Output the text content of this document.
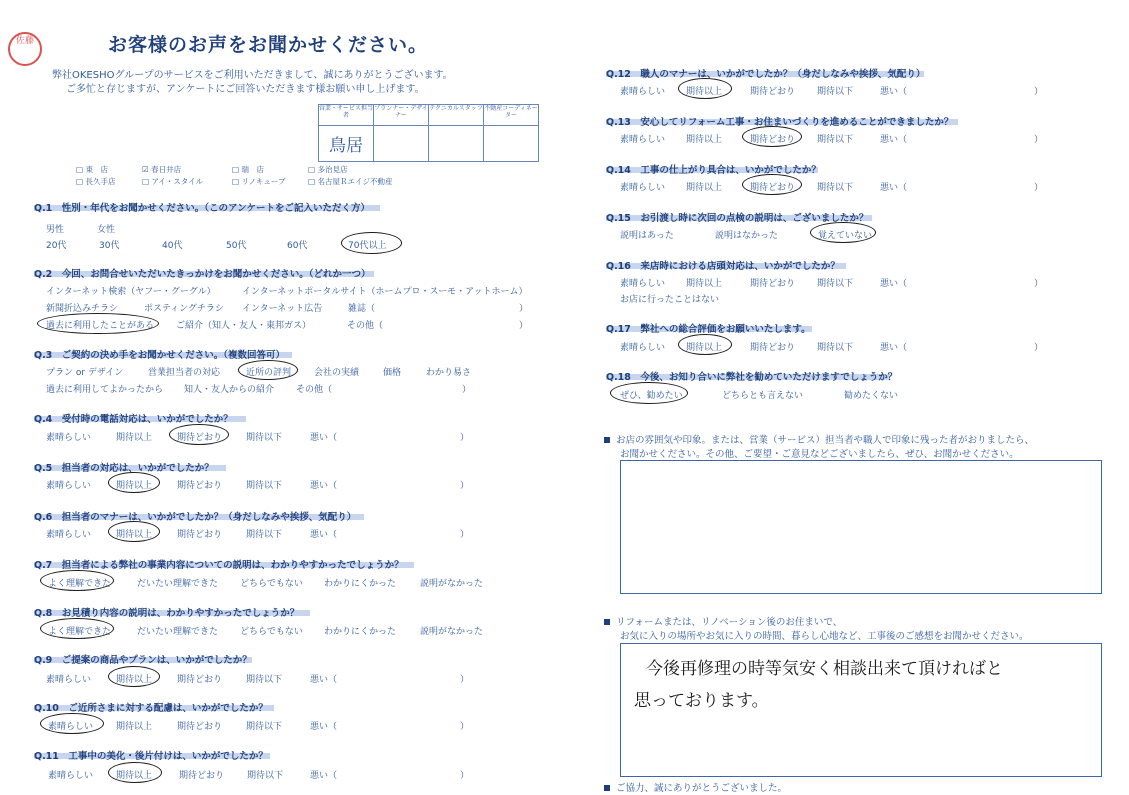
佐藤	お客様のお声をお聞かせください。
弊社OKESHOグループのサービスをご利用いただきまして、誠にありがとうございます。
ご多忙と存じますが、アンケートにご回答いただきます様お願い申し上げます。
営業・サービス担当者	プランナー・デザイナー	テクニカルスタッフ	不動産コーディネーター
鳥居			
□ 東　店	☑ 春日井店	□ 瑞　店	□ 多治見店
□ 長久手店	□ アイ・スタイル	□ リノキューブ	□ 名古屋Ｒエイジ不動産
Q.1　性別・年代をお聞かせください。（このアンケートをご記入いただく方）
男性	女性
20代	30代	40代	50代	60代	70代以上
Q.2　今回、お問合せいただいたきっかけをお聞かせください。（どれか一つ）
インターネット検索（ヤフー・グーグル）	インターネットポータルサイト（ホームプロ・スーモ・アットホーム）
新聞折込みチラシ	ポスティングチラシ インターネット広告	雑誌（	）
過去に利用したことがある ご紹介（知人・友人・東邦ガス）	その他（	）
Q.3　ご契約の決め手をお聞かせください。（複数回答可）
プラン or デザイン	営業担当者の対応	近所の評判	会社の実績	価格	わかり易さ
過去に利用してよかったから 知人・友人からの紹介 その他（	）
Q.4　受付時の電話対応は、いかがでしたか？
素晴らしい	期待以上	期待どおり	期待以下	悪い（	）
Q.5　担当者の対応は、いかがでしたか？
素晴らしい	期待以上	期待どおり	期待以下	悪い（	）
Q.6　担当者のマナーは、いかがでしたか？（身だしなみや挨拶、気配り）
素晴らしい	期待以上	期待どおり	期待以下	悪い（	）
Q.7　担当者による弊社の事業内容についての説明は、わかりやすかったでしょうか？
よく理解できた	だいたい理解できた どちらでもない わかりにくかった	説明がなかった
Q.8　お見積り内容の説明は、わかりやすかったでしょうか？
よく理解できた	だいたい理解できた どちらでもない わかりにくかった	説明がなかった
Q.9　ご提案の商品やプランは、いかがでしたか？
素晴らしい	期待以上	期待どおり	期待以下	悪い（	）
Q.10　ご近所さまに対する配慮は、いかがでしたか？
素晴らしい	期待以上	期待どおり	期待以下	悪い（	）
Q.11　工事中の美化・後片付けは、いかがでしたか？
素晴らしい	期待以上	期待どおり	期待以下	悪い（	）
Q.12　職人のマナーは、いかがでしたか？（身だしなみや挨拶、気配り）
素晴らしい 期待以上	期待どおり 期待以下	悪い（	）
Q.13　安心してリフォーム工事・お住まいづくりを進めることができましたか？
素晴らしい 期待以上	期待どおり 期待以下	悪い（	）
Q.14　工事の仕上がり具合は、いかがでしたか？
素晴らしい 期待以上	期待どおり 期待以下	悪い（	）
Q.15　お引渡し時に次回の点検の説明は、ございましたか？
説明はあった	説明はなかった	覚えていない
Q.16　来店時における店頭対応は、いかがでしたか？
素晴らしい 期待以上	期待どおり 期待以下	悪い（	）
お店に行ったことはない
Q.17　弊社への総合評価をお願いいたします。
素晴らしい 期待以上	期待どおり 期待以下	悪い（	）
Q.18　今後、お知り合いに弊社を勧めていただけますでしょうか？
ぜひ、勧めたい	どちらとも言えない	勧めたくない
お店の雰囲気や印象。または、営業（サービス）担当者や職人で印象に残った者がおりましたら、
お聞かせください。その他、ご要望・ご意見などございましたら、ぜひ、お聞かせください。
リフォームまたは、リノベーション後のお住まいで、
お気に入りの場所やお気に入りの時間、暮らし心地など、工事後のご感想をお聞かせください。
今後再修理の時等気安く相談出来て頂ければと
思っております。
ご協力、誠にありがとうございました。
